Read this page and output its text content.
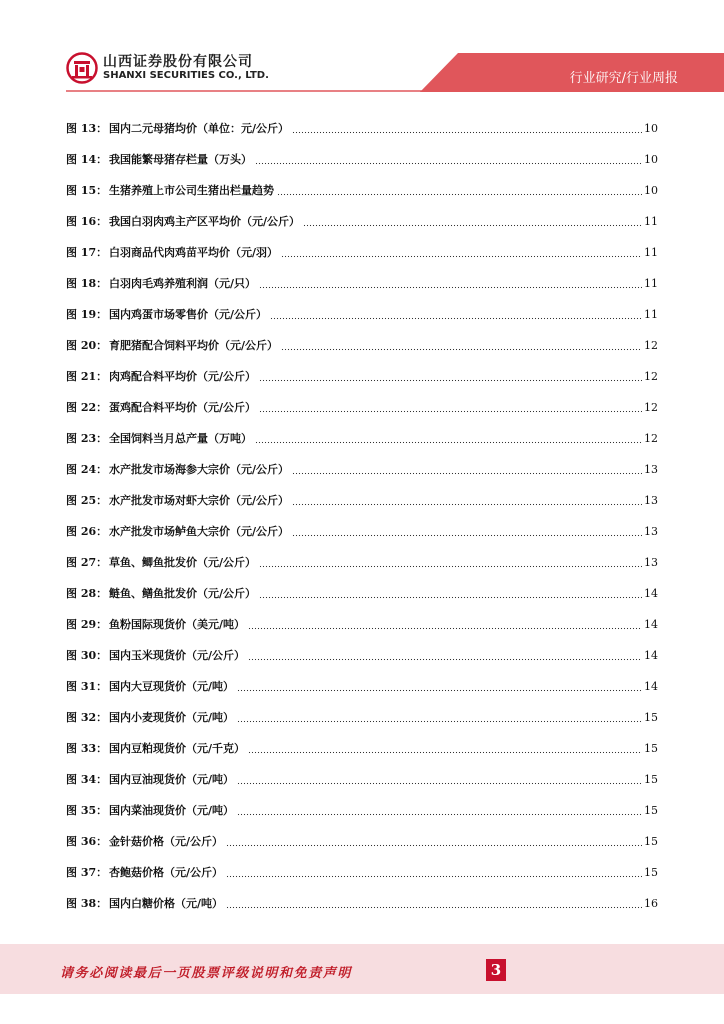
山西证券股份有限公司
SHANXI SECURITIES CO., LTD.	行业研究/行业周报
图 13： 国内二元母猪均价（单位：元/公斤）	10
图 14： 我国能繁母猪存栏量（万头）	10
图 15： 生猪养殖上市公司生猪出栏量趋势	10
图 16： 我国白羽肉鸡主产区平均价（元/公斤）	11
图 17： 白羽商品代肉鸡苗平均价（元/羽）	11
图 18： 白羽肉毛鸡养殖利润（元/只）	11
图 19： 国内鸡蛋市场零售价（元/公斤）	11
图 20： 育肥猪配合饲料平均价（元/公斤）	12
图 21： 肉鸡配合料平均价（元/公斤）	12
图 22： 蛋鸡配合料平均价（元/公斤）	12
图 23： 全国饲料当月总产量（万吨）	12
图 24： 水产批发市场海参大宗价（元/公斤）	13
图 25： 水产批发市场对虾大宗价（元/公斤）	13
图 26： 水产批发市场鲈鱼大宗价（元/公斤）	13
图 27： 草鱼、鲫鱼批发价（元/公斤）	13
图 28： 鲢鱼、鳝鱼批发价（元/公斤）	14
图 29： 鱼粉国际现货价（美元/吨）	14
图 30： 国内玉米现货价（元/公斤）	14
图 31： 国内大豆现货价（元/吨）	14
图 32： 国内小麦现货价（元/吨）	15
图 33： 国内豆粕现货价（元/千克）	15
图 34： 国内豆油现货价（元/吨）	15
图 35： 国内菜油现货价（元/吨）	15
图 36： 金针菇价格（元/公斤）	15
图 37： 杏鲍菇价格（元/公斤）	15
图 38： 国内白糖价格（元/吨）	16
请务必阅读最后一页股票评级说明和免责声明	3
